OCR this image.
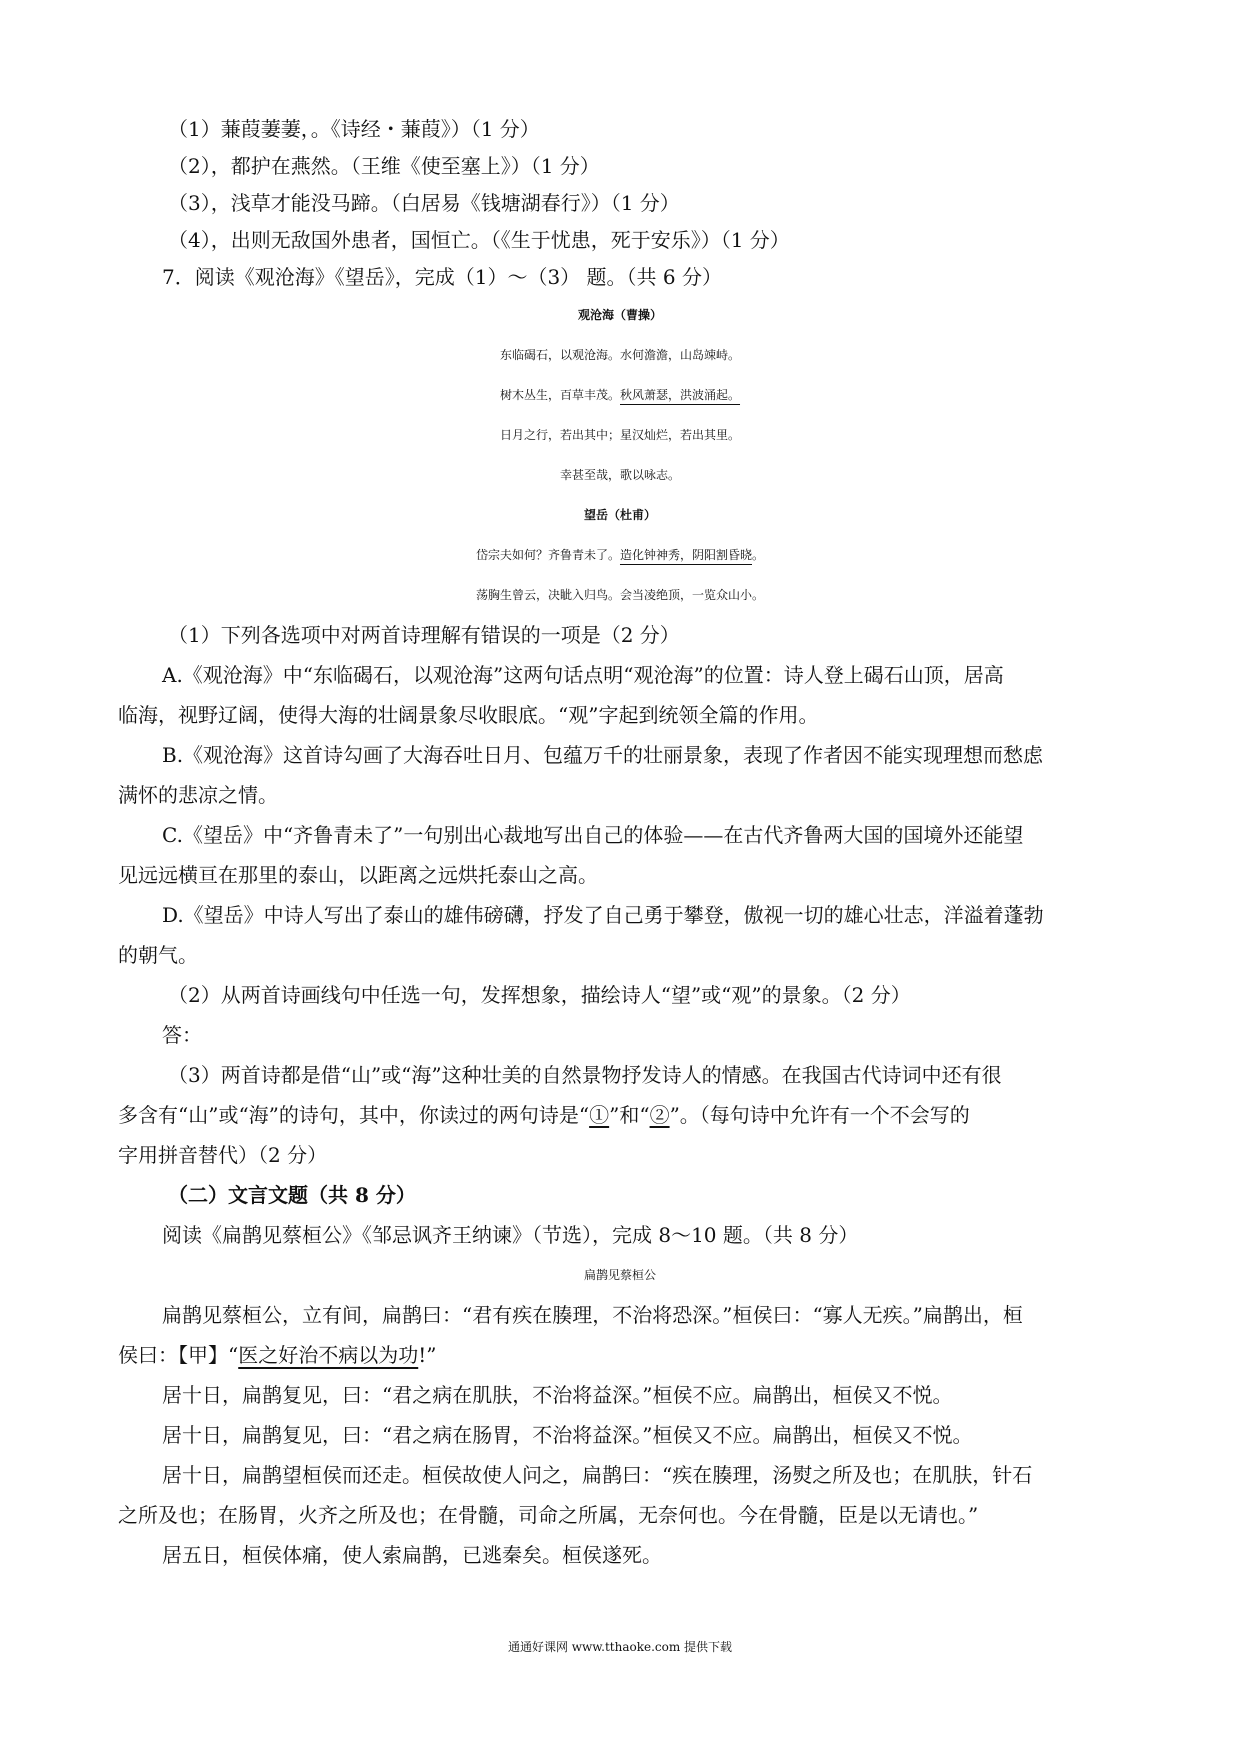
（1）蒹葭萋萋，。《诗经・蒹葭》）（1 分）
（2），都护在燕然。（王维《使至塞上》）（1 分）
（3），浅草才能没马蹄。（白居易《钱塘湖春行》）（1 分）
（4），出则无敌国外患者，国恒亡。（《生于忧患，死于安乐》）（1 分）
7．阅读《观沧海》《望岳》，完成（1）～（3） 题。（共 6 分）
观沧海（曹操）
东临碣石，以观沧海。水何澹澹，山岛竦峙。
树木丛生，百草丰茂。秋风萧瑟，洪波涌起。
日月之行，若出其中；星汉灿烂，若出其里。
幸甚至哉，歌以咏志。
望岳（杜甫）
岱宗夫如何？齐鲁青未了。造化钟神秀，阴阳割昏晓。
荡胸生曾云，决眦入归鸟。会当凌绝顶，一览众山小。
（1）下列各选项中对两首诗理解有错误的一项是（2 分）
A.《观沧海》中“东临碣石，以观沧海”这两句话点明“观沧海”的位置：诗人登上碣石山顶，居高
临海，视野辽阔，使得大海的壮阔景象尽收眼底。“观”字起到统领全篇的作用。
B.《观沧海》这首诗勾画了大海吞吐日月、包蕴万千的壮丽景象，表现了作者因不能实现理想而愁虑
满怀的悲凉之情。
C.《望岳》中“齐鲁青未了”一句别出心裁地写出自己的体验——在古代齐鲁两大国的国境外还能望
见远远横亘在那里的泰山，以距离之远烘托泰山之高。
D.《望岳》中诗人写出了泰山的雄伟磅礴，抒发了自己勇于攀登，傲视一切的雄心壮志，洋溢着蓬勃
的朝气。
（2）从两首诗画线句中任选一句，发挥想象，描绘诗人“望”或“观”的景象。（2 分）
答：
（3）两首诗都是借“山”或“海”这种壮美的自然景物抒发诗人的情感。在我国古代诗词中还有很
多含有“山”或“海”的诗句，其中，你读过的两句诗是“①”和“②”。（每句诗中允许有一个不会写的
字用拼音替代）（2 分）
（二）文言文题（共 8 分）
阅读《扁鹊见蔡桓公》《邹忌讽齐王纳谏》（节选），完成 8～10 题。（共 8 分）
扁鹊见蔡桓公
扁鹊见蔡桓公，立有间，扁鹊曰：“君有疾在腠理，不治将恐深。”桓侯曰：“寡人无疾。”扁鹊出，桓
侯曰：【甲】“医之好治不病以为功!”
居十日，扁鹊复见，曰：“君之病在肌肤，不治将益深。”桓侯不应。扁鹊出，桓侯又不悦。
居十日，扁鹊复见，曰：“君之病在肠胃，不治将益深。”桓侯又不应。扁鹊出，桓侯又不悦。
居十日，扁鹊望桓侯而还走。桓侯故使人问之，扁鹊曰：“疾在腠理，汤熨之所及也；在肌肤，针石
之所及也；在肠胃，火齐之所及也；在骨髓，司命之所属，无奈何也。今在骨髓，臣是以无请也。”
居五日，桓侯体痛，使人索扁鹊，已逃秦矣。桓侯遂死。
通通好课网 www.tthaoke.com 提供下载
